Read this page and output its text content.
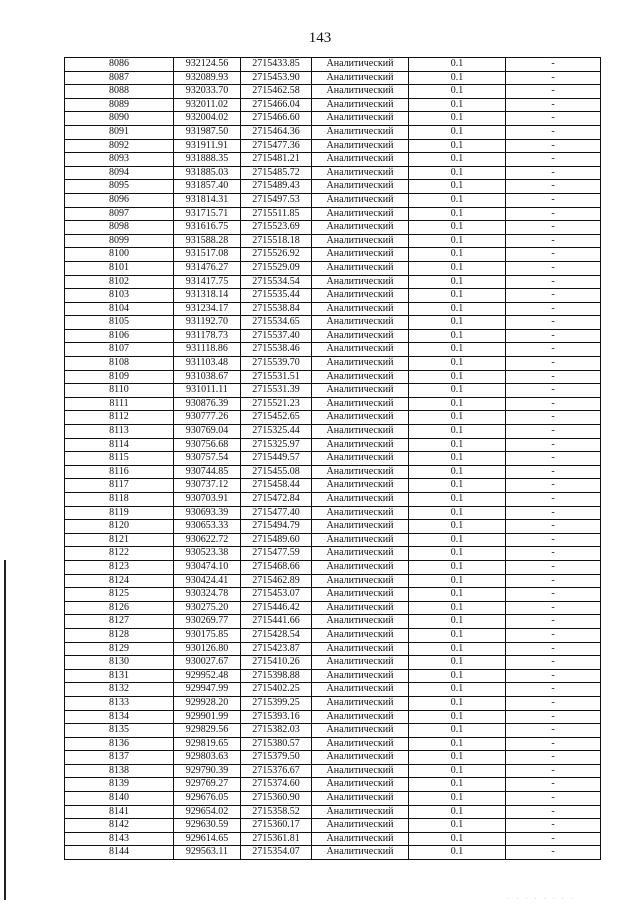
143
8086	932124.56	2715433.85	Аналитический	0.1	-
8087	932089.93	2715453.90	Аналитический	0.1	-
8088	932033.70	2715462.58	Аналитический	0.1	-
8089	932011.02	2715466.04	Аналитический	0.1	-
8090	932004.02	2715466.60	Аналитический	0.1	-
8091	931987.50	2715464.36	Аналитический	0.1	-
8092	931911.91	2715477.36	Аналитический	0.1	-
8093	931888.35	2715481.21	Аналитический	0.1	-
8094	931885.03	2715485.72	Аналитический	0.1	-
8095	931857.40	2715489.43	Аналитический	0.1	-
8096	931814.31	2715497.53	Аналитический	0.1	-
8097	931715.71	2715511.85	Аналитический	0.1	-
8098	931616.75	2715523.69	Аналитический	0.1	-
8099	931588.28	2715518.18	Аналитический	0.1	-
8100	931517.08	2715526.92	Аналитический	0.1	-
8101	931476.27	2715529.09	Аналитический	0.1	-
8102	931417.75	2715534.54	Аналитический	0.1	-
8103	931318.14	2715535.44	Аналитический	0.1	-
8104	931234.17	2715538.84	Аналитический	0.1	-
8105	931192.70	2715534.65	Аналитический	0.1	-
8106	931178.73	2715537.40	Аналитический	0.1	-
8107	931118.86	2715538.46	Аналитический	0.1	-
8108	931103.48	2715539.70	Аналитический	0.1	-
8109	931038.67	2715531.51	Аналитический	0.1	-
8110	931011.11	2715531.39	Аналитический	0.1	-
8111	930876.39	2715521.23	Аналитический	0.1	-
8112	930777.26	2715452.65	Аналитический	0.1	-
8113	930769.04	2715325.44	Аналитический	0.1	-
8114	930756.68	2715325.97	Аналитический	0.1	-
8115	930757.54	2715449.57	Аналитический	0.1	-
8116	930744.85	2715455.08	Аналитический	0.1	-
8117	930737.12	2715458.44	Аналитический	0.1	-
8118	930703.91	2715472.84	Аналитический	0.1	-
8119	930693.39	2715477.40	Аналитический	0.1	-
8120	930653.33	2715494.79	Аналитический	0.1	-
8121	930622.72	2715489.60	Аналитический	0.1	-
8122	930523.38	2715477.59	Аналитический	0.1	-
8123	930474.10	2715468.66	Аналитический	0.1	-
8124	930424.41	2715462.89	Аналитический	0.1	-
8125	930324.78	2715453.07	Аналитический	0.1	-
8126	930275.20	2715446.42	Аналитический	0.1	-
8127	930269.77	2715441.66	Аналитический	0.1	-
8128	930175.85	2715428.54	Аналитический	0.1	-
8129	930126.80	2715423.87	Аналитический	0.1	-
8130	930027.67	2715410.26	Аналитический	0.1	-
8131	929952.48	2715398.88	Аналитический	0.1	-
8132	929947.99	2715402.25	Аналитический	0.1	-
8133	929928.20	2715399.25	Аналитический	0.1	-
8134	929901.99	2715393.16	Аналитический	0.1	-
8135	929829.56	2715382.03	Аналитический	0.1	-
8136	929819.65	2715380.57	Аналитический	0.1	-
8137	929803.63	2715379.50	Аналитический	0.1	-
8138	929790.39	2715376.67	Аналитический	0.1	-
8139	929769.27	2715374.60	Аналитический	0.1	-
8140	929676.05	2715360.90	Аналитический	0.1	-
8141	929654.02	2715358.52	Аналитический	0.1	-
8142	929630.59	2715360.17	Аналитический	0.1	-
8143	929614.65	2715361.81	Аналитический	0.1	-
8144	929563.11	2715354.07	Аналитический	0.1	-
. . . . . . . .
